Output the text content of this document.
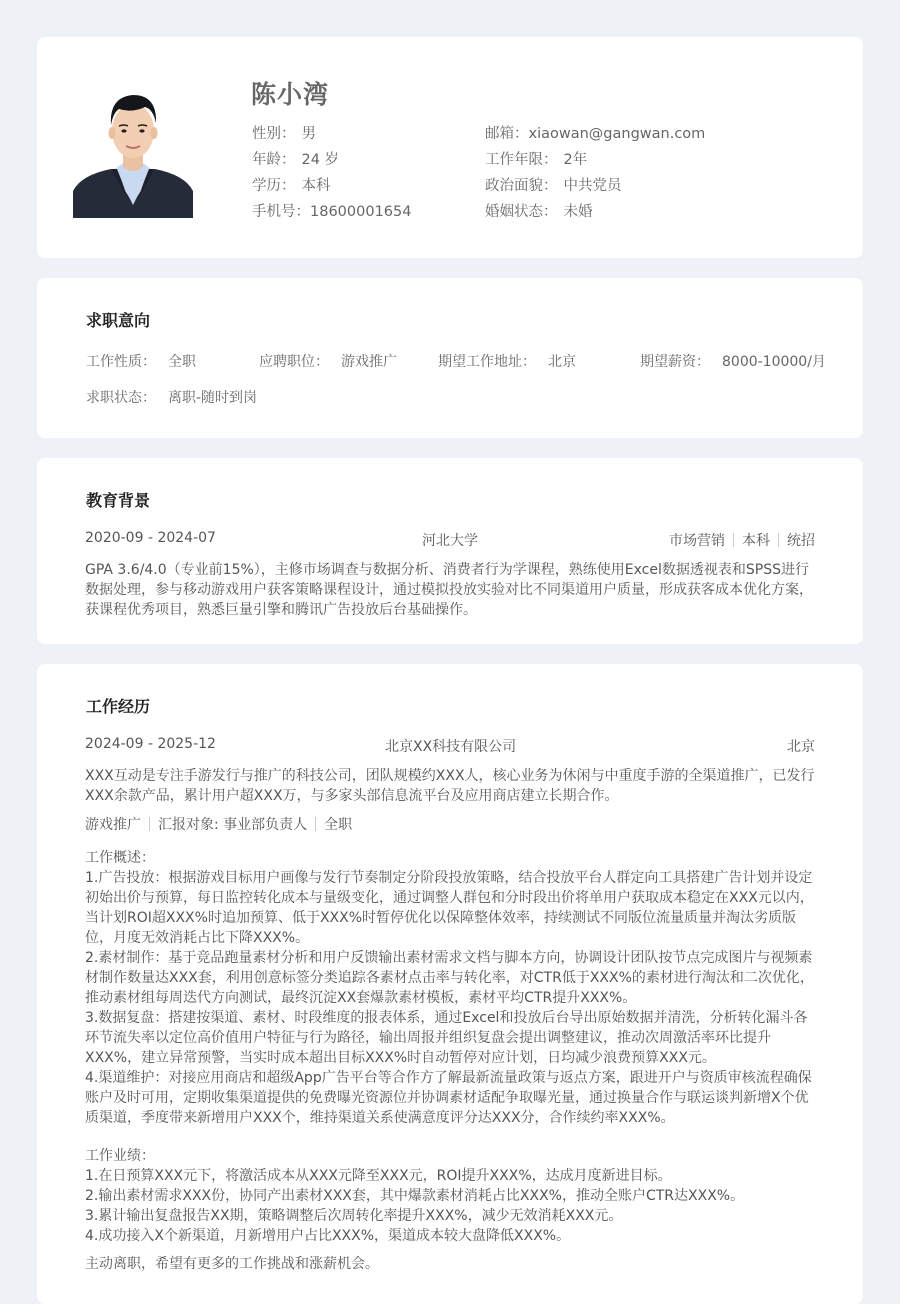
陈小湾
性别： 男
年龄： 24 岁
学历： 本科
手机号：18600001654
邮箱：xiaowan@gangwan.com
工作年限： 2年
政治面貌： 中共党员
婚姻状态： 未婚
求职意向
工作性质： 全职	应聘职位： 游戏推广	期望工作地址： 北京	期望薪资： 8000-10000/月
求职状态： 离职-随时到岗
教育背景
2020-09 - 2024-07	河北大学	市场营销 本科 统招
GPA 3.6/4.0（专业前15%），主修市场调查与数据分析、消费者行为学课程，熟练使用Excel数据透视表和SPSS进行数据处理，参与移动游戏用户获客策略课程设计，通过模拟投放实验对比不同渠道用户质量，形成获客成本优化方案，获课程优秀项目，熟悉巨量引擎和腾讯广告投放后台基础操作。
工作经历
2024-09 - 2025-12	北京XX科技有限公司	北京
XXX互动是专注手游发行与推广的科技公司，团队规模约XXX人，核心业务为休闲与中重度手游的全渠道推广，已发行XXX余款产品，累计用户超XXX万，与多家头部信息流平台及应用商店建立长期合作。
游戏推广 汇报对象: 事业部负责人 全职
工作概述：
1.广告投放：根据游戏目标用户画像与发行节奏制定分阶段投放策略，结合投放平台人群定向工具搭建广告计划并设定初始出价与预算，每日监控转化成本与量级变化，通过调整人群包和分时段出价将单用户获取成本稳定在XXX元以内，当计划ROI超XXX%时追加预算、低于XXX%时暂停优化以保障整体效率，持续测试不同版位流量质量并淘汰劣质版位，月度无效消耗占比下降XXX%。
2.素材制作：基于竞品跑量素材分析和用户反馈输出素材需求文档与脚本方向，协调设计团队按节点完成图片与视频素材制作数量达XXX套，利用创意标签分类追踪各素材点击率与转化率，对CTR低于XXX%的素材进行淘汰和二次优化，推动素材组每周迭代方向测试，最终沉淀XX套爆款素材模板，素材平均CTR提升XXX%。
3.数据复盘：搭建按渠道、素材、时段维度的报表体系，通过Excel和投放后台导出原始数据并清洗，分析转化漏斗各环节流失率以定位高价值用户特征与行为路径，输出周报并组织复盘会提出调整建议，推动次周激活率环比提升XXX%，建立异常预警，当实时成本超出目标XXX%时自动暂停对应计划，日均减少浪费预算XXX元。
4.渠道维护：对接应用商店和超级App广告平台等合作方了解最新流量政策与返点方案，跟进开户与资质审核流程确保账户及时可用，定期收集渠道提供的免费曝光资源位并协调素材适配争取曝光量，通过换量合作与联运谈判新增X个优质渠道，季度带来新增用户XXX个，维持渠道关系使满意度评分达XXX分，合作续约率XXX%。
工作业绩：
1.在日预算XXX元下，将激活成本从XXX元降至XXX元，ROI提升XXX%，达成月度新进目标。
2.输出素材需求XXX份，协同产出素材XXX套，其中爆款素材消耗占比XXX%，推动全账户CTR达XXX%。
3.累计输出复盘报告XX期，策略调整后次周转化率提升XXX%，减少无效消耗XXX元。
4.成功接入X个新渠道，月新增用户占比XXX%，渠道成本较大盘降低XXX%。
主动离职，希望有更多的工作挑战和涨薪机会。
